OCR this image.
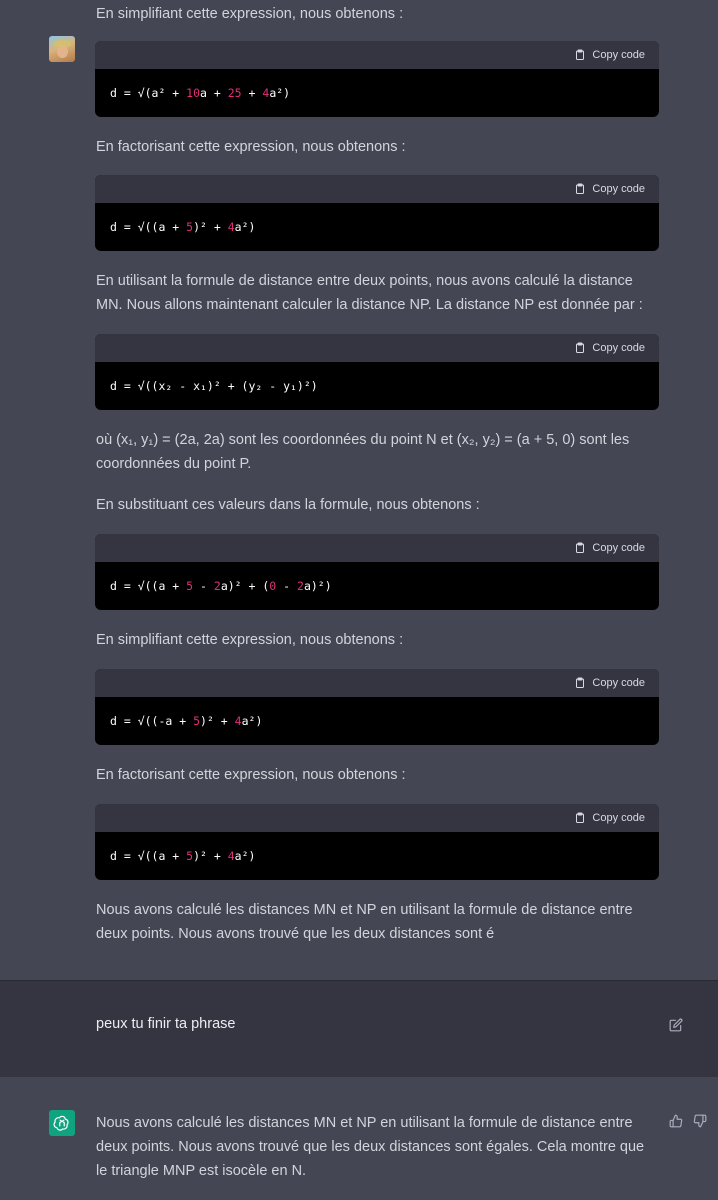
En simplifiant cette expression, nous obtenons :

Copy code
d = √(a² + 10 a + 25 + 4 a²)

En factorisant cette expression, nous obtenons :

Copy code
d = √((a + 5 )² + 4 a²)

En utilisant la formule de distance entre deux points, nous avons calculé la distance MN. Nous allons maintenant calculer la distance NP. La distance NP est donnée par :

Copy code
d = √((x₂ - x₁)² + (y₂ - y₁)²)

où (x₁, y₁) = (2a, 2a) sont les coordonnées du point N et (x₂, y₂) = (a + 5, 0) sont les coordonnées du point P.

En substituant ces valeurs dans la formule, nous obtenons :

Copy code
d = √((a + 5 - 2 a)² + ( 0 - 2 a)²)

En simplifiant cette expression, nous obtenons :

Copy code
d = √((-a + 5 )² + 4 a²)

En factorisant cette expression, nous obtenons :

Copy code
d = √((a + 5 )² + 4 a²)

Nous avons calculé les distances MN et NP en utilisant la formule de distance entre deux points. Nous avons trouvé que les deux distances sont é

peux tu finir ta phrase
Nous avons calculé les distances MN et NP en utilisant la formule de distance entre deux points. Nous avons trouvé que les deux distances sont égales. Cela montre que le triangle MNP est isocèle en N.
